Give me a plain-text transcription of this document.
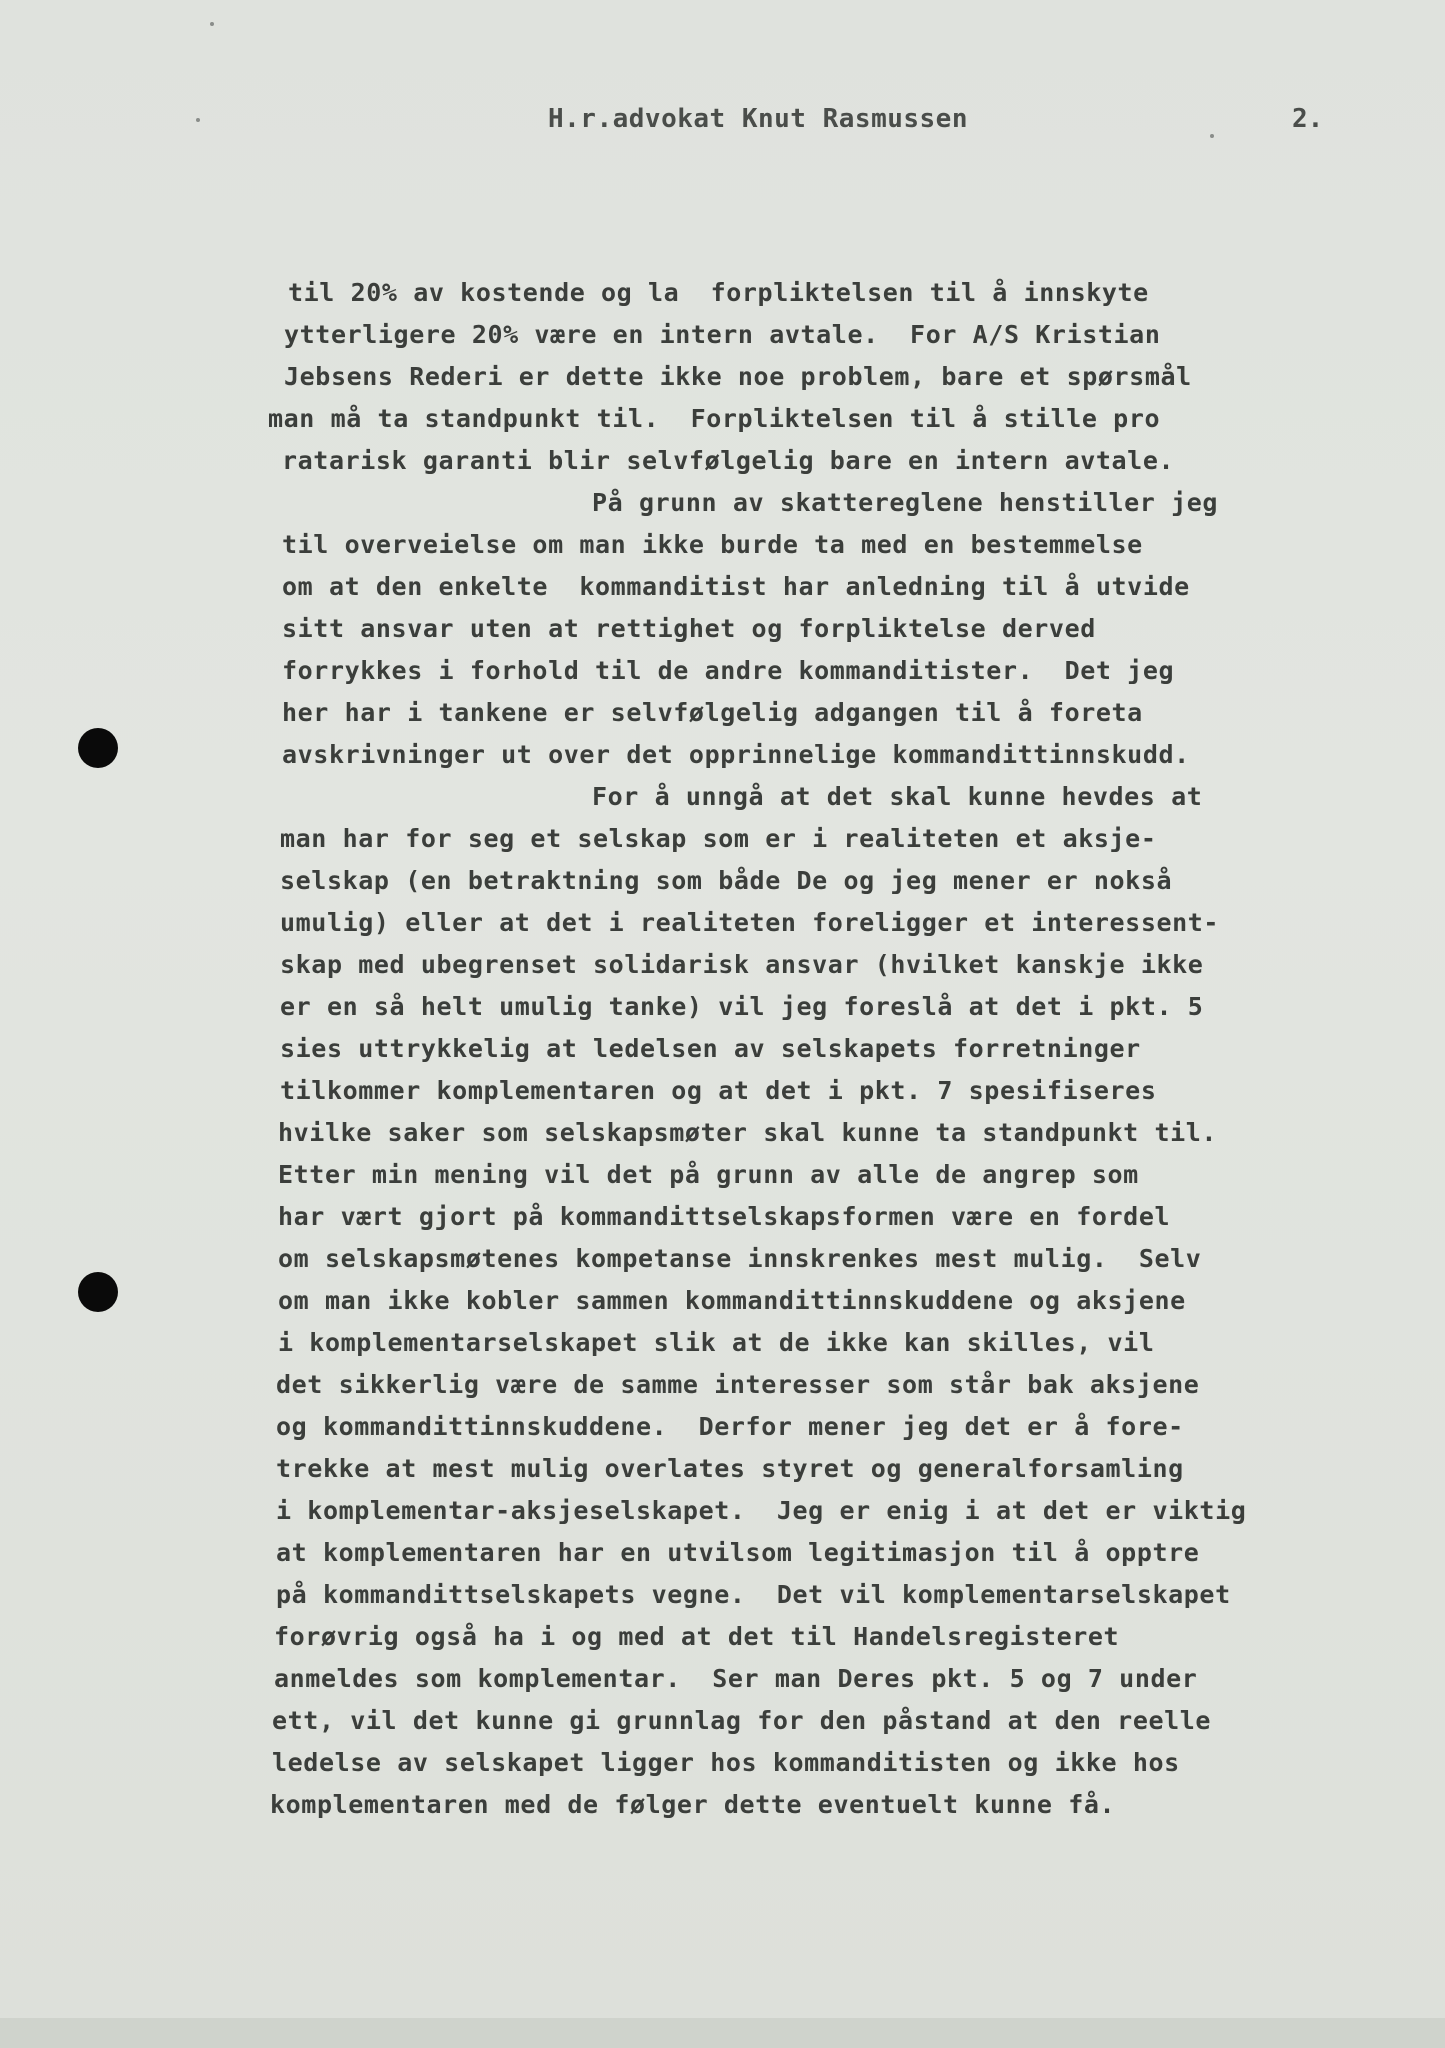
H.r.advokat Knut Rasmussen	2.
til 20% av kostende og la  forpliktelsen til å innskyte
ytterligere 20% være en intern avtale.  For A/S Kristian
Jebsens Rederi er dette ikke noe problem, bare et spørsmål
man må ta standpunkt til.  Forpliktelsen til å stille pro
ratarisk garanti blir selvfølgelig bare en intern avtale.
På grunn av skattereglene henstiller jeg
til overveielse om man ikke burde ta med en bestemmelse
om at den enkelte  kommanditist har anledning til å utvide
sitt ansvar uten at rettighet og forpliktelse derved
forrykkes i forhold til de andre kommanditister.  Det jeg
her har i tankene er selvfølgelig adgangen til å foreta
avskrivninger ut over det opprinnelige kommandittinnskudd.
For å unngå at det skal kunne hevdes at
man har for seg et selskap som er i realiteten et aksje-
selskap (en betraktning som både De og jeg mener er nokså
umulig) eller at det i realiteten foreligger et interessent-
skap med ubegrenset solidarisk ansvar (hvilket kanskje ikke
er en så helt umulig tanke) vil jeg foreslå at det i pkt. 5
sies uttrykkelig at ledelsen av selskapets forretninger
tilkommer komplementaren og at det i pkt. 7 spesifiseres
hvilke saker som selskapsmøter skal kunne ta standpunkt til.
Etter min mening vil det på grunn av alle de angrep som
har vært gjort på kommandittselskapsformen være en fordel
om selskapsmøtenes kompetanse innskrenkes mest mulig.  Selv
om man ikke kobler sammen kommandittinnskuddene og aksjene
i komplementarselskapet slik at de ikke kan skilles, vil
det sikkerlig være de samme interesser som står bak aksjene
og kommandittinnskuddene.  Derfor mener jeg det er å fore-
trekke at mest mulig overlates styret og generalforsamling
i komplementar-aksjeselskapet.  Jeg er enig i at det er viktig
at komplementaren har en utvilsom legitimasjon til å opptre
på kommandittselskapets vegne.  Det vil komplementarselskapet
forøvrig også ha i og med at det til Handelsregisteret
anmeldes som komplementar.  Ser man Deres pkt. 5 og 7 under
ett, vil det kunne gi grunnlag for den påstand at den reelle
ledelse av selskapet ligger hos kommanditisten og ikke hos
komplementaren med de følger dette eventuelt kunne få.
